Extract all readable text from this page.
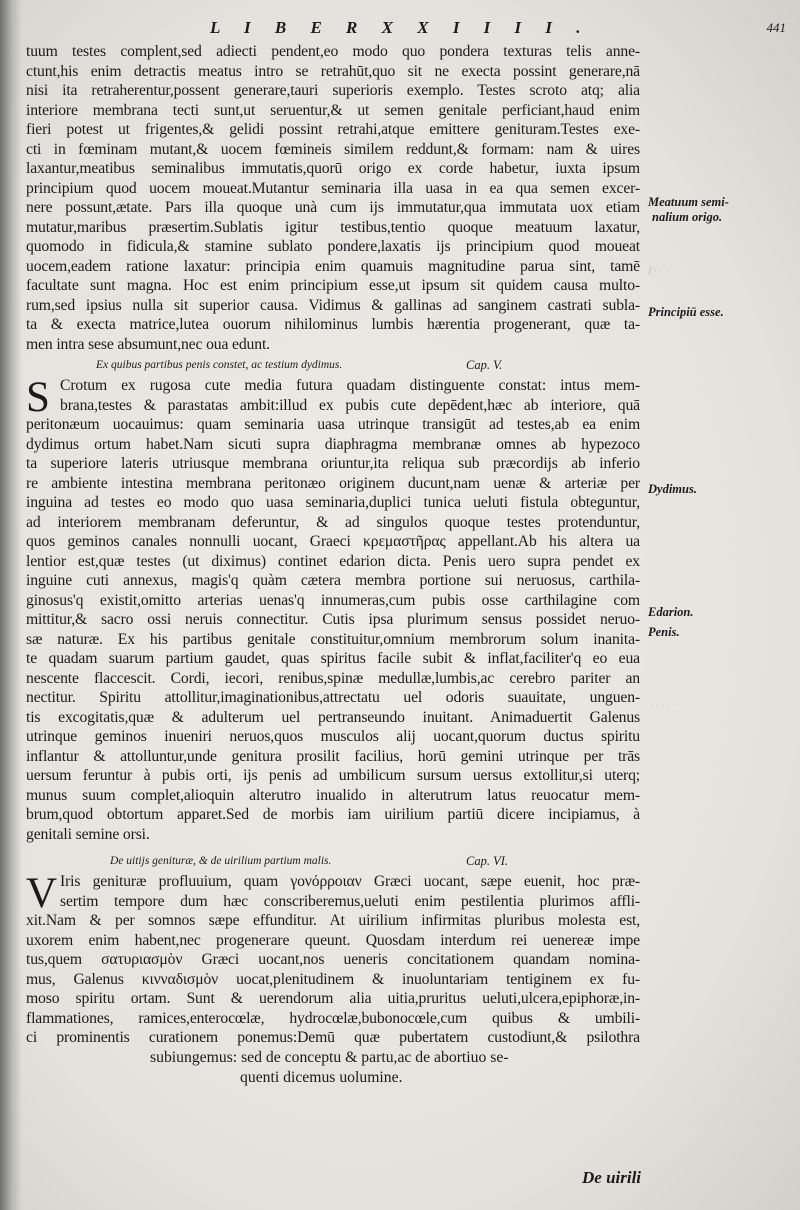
Ӏ'· · ·
· · · · ·
L I B E R X X I I I I .	441
tuum testes complent,sed adiecti pendent,eo modo quo pondera texturas telis anne-
ctunt,his enim detractis meatus intro se retrahūt,quo sit ne execta possint generare,nā
nisi ita retraherentur,possent generare,tauri superioris exemplo. Testes scroto atq; alia
interiore membrana tecti sunt,ut seruentur,& ut semen genitale perficiant,haud enim
fieri potest ut frigentes,& gelidi possint retrahi,atque emittere genituram.Testes exe-
cti in fœminam mutant,& uocem fœmineis similem reddunt,& formam: nam & uires
laxantur,meatibus seminalibus immutatis,quorū origo ex corde habetur, iuxta ipsum
principium quod uocem moueat.Mutantur seminaria illa uasa in ea qua semen excer-
nere possunt,ætate. Pars illa quoque unà cum ijs immutatur,qua immutata uox etiam
mutatur,maribus præsertim.Sublatis igitur testibus,tentio quoque meatuum laxatur,
quomodo in fidicula,& stamine sublato pondere,laxatis ijs principium quod moueat
uocem,eadem ratione laxatur: principia enim quamuis magnitudine parua sint, tamē
facultate sunt magna. Hoc est enim principium esse,ut ipsum sit quidem causa multo-
rum,sed ipsius nulla sit superior causa. Vidimus & gallinas ad sanginem castrati subla-
ta & execta matrice,lutea ouorum nihilominus lumbis hærentia progenerant, quæ ta-
men intra sese absumunt,nec oua edunt.
Ex quibus partibus penis constet, ac testium dydimus.	Cap. V.
S Crotum ex rugosa cute media futura quadam distinguente constat: intus mem-
brana,testes & parastatas ambit:illud ex pubis cute depēdent,hæc ab interiore, quā
peritonæum uocauimus: quam seminaria uasa utrinque transigūt ad testes,ab ea enim
dydimus ortum habet.Nam sicuti supra diaphragma membranæ omnes ab hypezoco
ta superiore lateris utriusque membrana oriuntur,ita reliqua sub præcordijs ab inferio
re ambiente intestina membrana peritonæo originem ducunt,nam uenæ & arteriæ per
inguina ad testes eo modo quo uasa seminaria,duplici tunica ueluti fistula obteguntur,
ad interiorem membranam deferuntur, & ad singulos quoque testes protenduntur,
quos geminos canales nonnulli uocant, Graeci κρεμαστῆρας appellant.Ab his altera ua
lentior est,quæ testes (ut diximus) continet edarion dicta. Penis uero supra pendet ex
inguine cuti annexus, magis'q quàm cætera membra portione sui neruosus, carthila-
ginosus'q existit,omitto arterias uenas'q innumeras,cum pubis osse carthilagine com
mittitur,& sacro ossi neruis connectitur. Cutis ipsa plurimum sensus possidet neruo-
sæ naturæ. Ex his partibus genitale constituitur,omnium membrorum solum inanita-
te quadam suarum partium gaudet, quas spiritus facile subit & inflat,faciliter'q eo eua
nescente flaccescit. Cordi, iecori, renibus,spinæ medullæ,lumbis,ac cerebro pariter an
nectitur. Spiritu attollitur,imaginationibus,attrectatu uel odoris suauitate, unguen-
tis excogitatis,quæ & adulterum uel pertranseundo inuitant. Animaduertit Galenus
utrinque geminos inueniri neruos,quos musculos alij uocant,quorum ductus spiritu
inflantur & attolluntur,unde genitura prosilit facilius, horū gemini utrinque per trās
uersum feruntur à pubis orti, ijs penis ad umbilicum sursum uersus extollitur,si uterq;
munus suum complet,alioquin alterutro inualido in alterutrum latus reuocatur mem-
brum,quod obtortum apparet.Sed de morbis iam uirilium partiū dicere incipiamus, à
genitali semine orsi.
De uitijs genituræ, & de uirilium partium malis.	Cap. VI.
V Iris genituræ profluuium, quam γονόρροιαν Græci uocant, sæpe euenit, hoc præ-
sertim tempore dum hæc conscriberemus,ueluti enim pestilentia plurimos affli-
xit.Nam & per somnos sæpe effunditur. At uirilium infirmitas pluribus molesta est,
uxorem enim habent,nec progenerare queunt. Quosdam interdum rei uenereæ impe
tus,quem σατυριασμὸν Græci uocant,nos ueneris concitationem quandam nomina-
mus, Galenus κινναδισμὸν uocat,plenitudinem & inuoluntariam tentiginem ex fu-
moso spiritu ortam. Sunt & uerendorum alia uitia,pruritus ueluti,ulcera,epiphoræ,in-
flammationes, ramices,enterocœlæ, hydrocœlæ,bubonocœle,cum quibus & umbili-
ci prominentis curationem ponemus:Demū quæ pubertatem custodiunt,& psilothra
subiungemus: sed de conceptu & partu,ac de abortiuo se-
quenti dicemus uolumine.
De uirili
Meatuum semi-
nalium origo.
Principiū esse.
Dydimus.
Edarion.
Penis.
